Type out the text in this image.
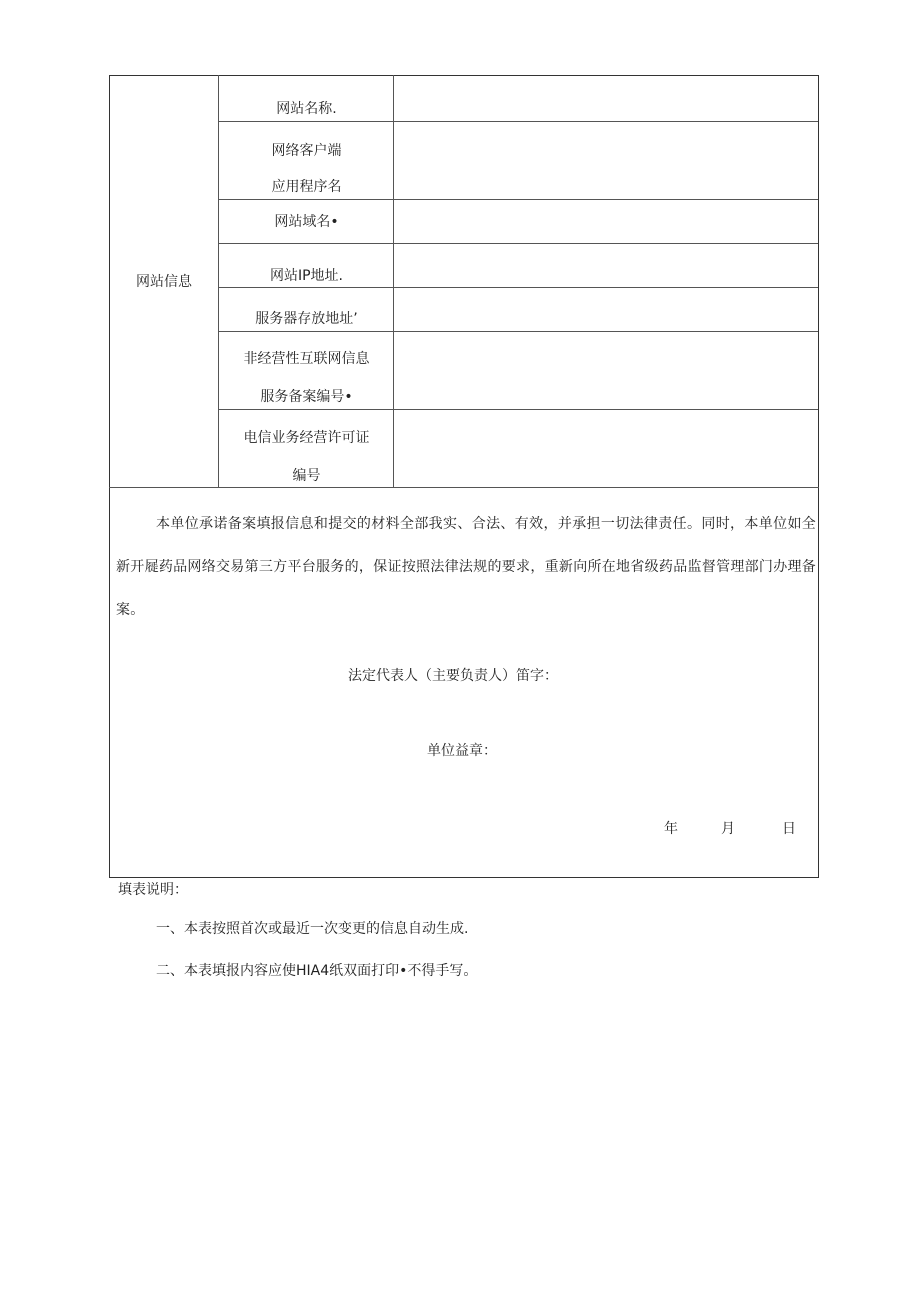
网站信息
网站名称.
网络客户端
应用程序名
网站域名•
网站IP地址.
服务器存放地址’
非经营性互联网信息
服务备案编号•
电信业务经营许可证
编号
本单位承诺备案填报信息和提交的材料全部我实、合法、有效，并承担一切法律责任。同时，本单位如全新开屣药品网络交易第三方平台服务的，保证按照法律法规的要求，重新向所在地省级药品监督管理部门办理备案。
法定代表人（主要负责人）笛字：
单位益章：
年	月	日
填表说明：
一、本表按照首次或最近一次变更的信息自动生成.
二、本表填报内容应使HIA4纸双面打印•不得手写。
